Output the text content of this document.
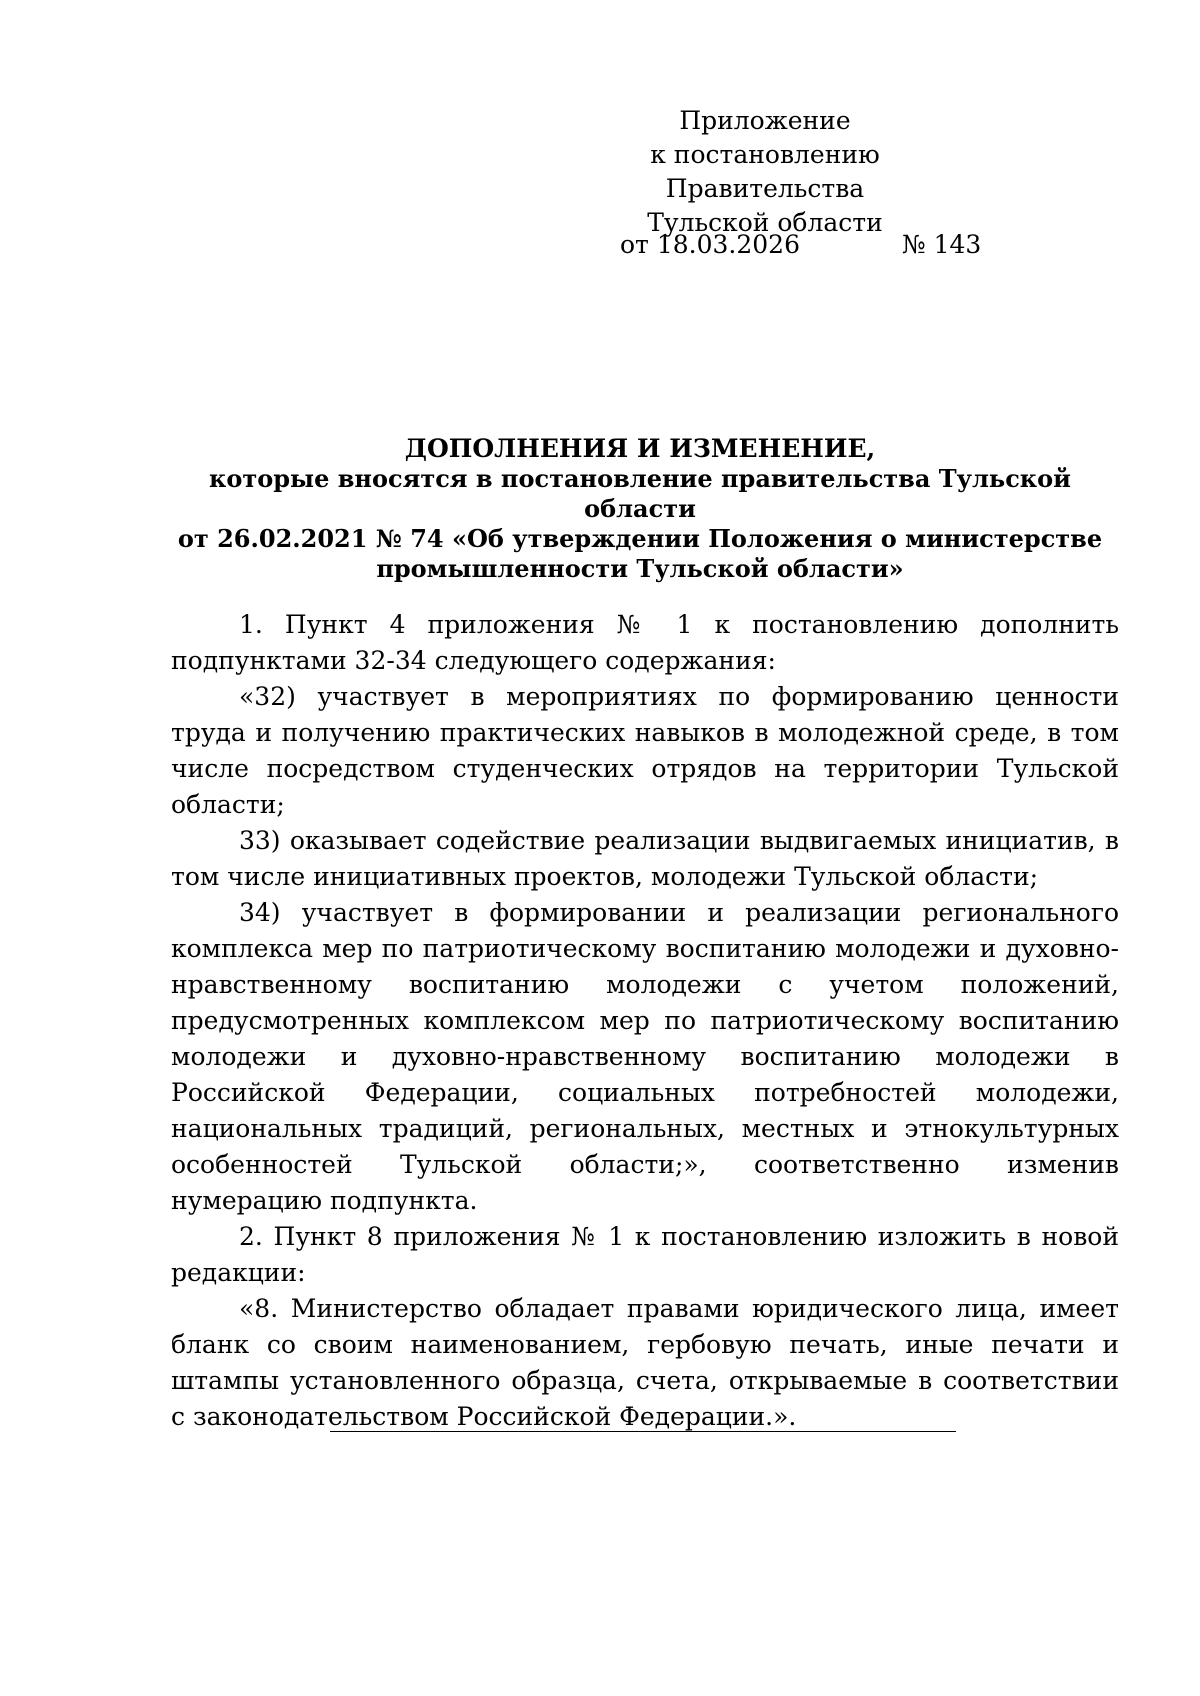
Приложение
к постановлению Правительства
Тульской области
от 18.03.2026	№ 143
ДОПОЛНЕНИЯ И ИЗМЕНЕНИЕ,
которые вносятся в постановление правительства Тульской области
от 26.02.2021 № 74 «Об утверждении Положения о министерстве
промышленности Тульской области»

1. Пункт 4 приложения № 1 к постановлению дополнить подпунктами 32-34 следующего содержания:

«32) участвует в мероприятиях по формированию ценности труда и получению практических навыков в молодежной среде, в том числе посредством студенческих отрядов на территории Тульской области;

33) оказывает содействие реализации выдвигаемых инициатив, в том числе инициативных проектов, молодежи Тульской области;

34) участвует в формировании и реализации регионального комплекса мер по патриотическому воспитанию молодежи и духовно-нравственному воспитанию молодежи с учетом положений, предусмотренных комплексом мер по патриотическому воспитанию молодежи и духовно-нравственному воспитанию молодежи в Российской Федерации, социальных потребностей молодежи, национальных традиций, региональных, местных и этнокультурных особенностей Тульской области;», соответственно изменив нумерацию подпункта.

2. Пункт 8 приложения № 1 к постановлению изложить в новой редакции:

«8. Министерство обладает правами юридического лица, имеет бланк со своим наименованием, гербовую печать, иные печати и штампы установленного образца, счета, открываемые в соответствии с законодательством Российской Федерации.».
